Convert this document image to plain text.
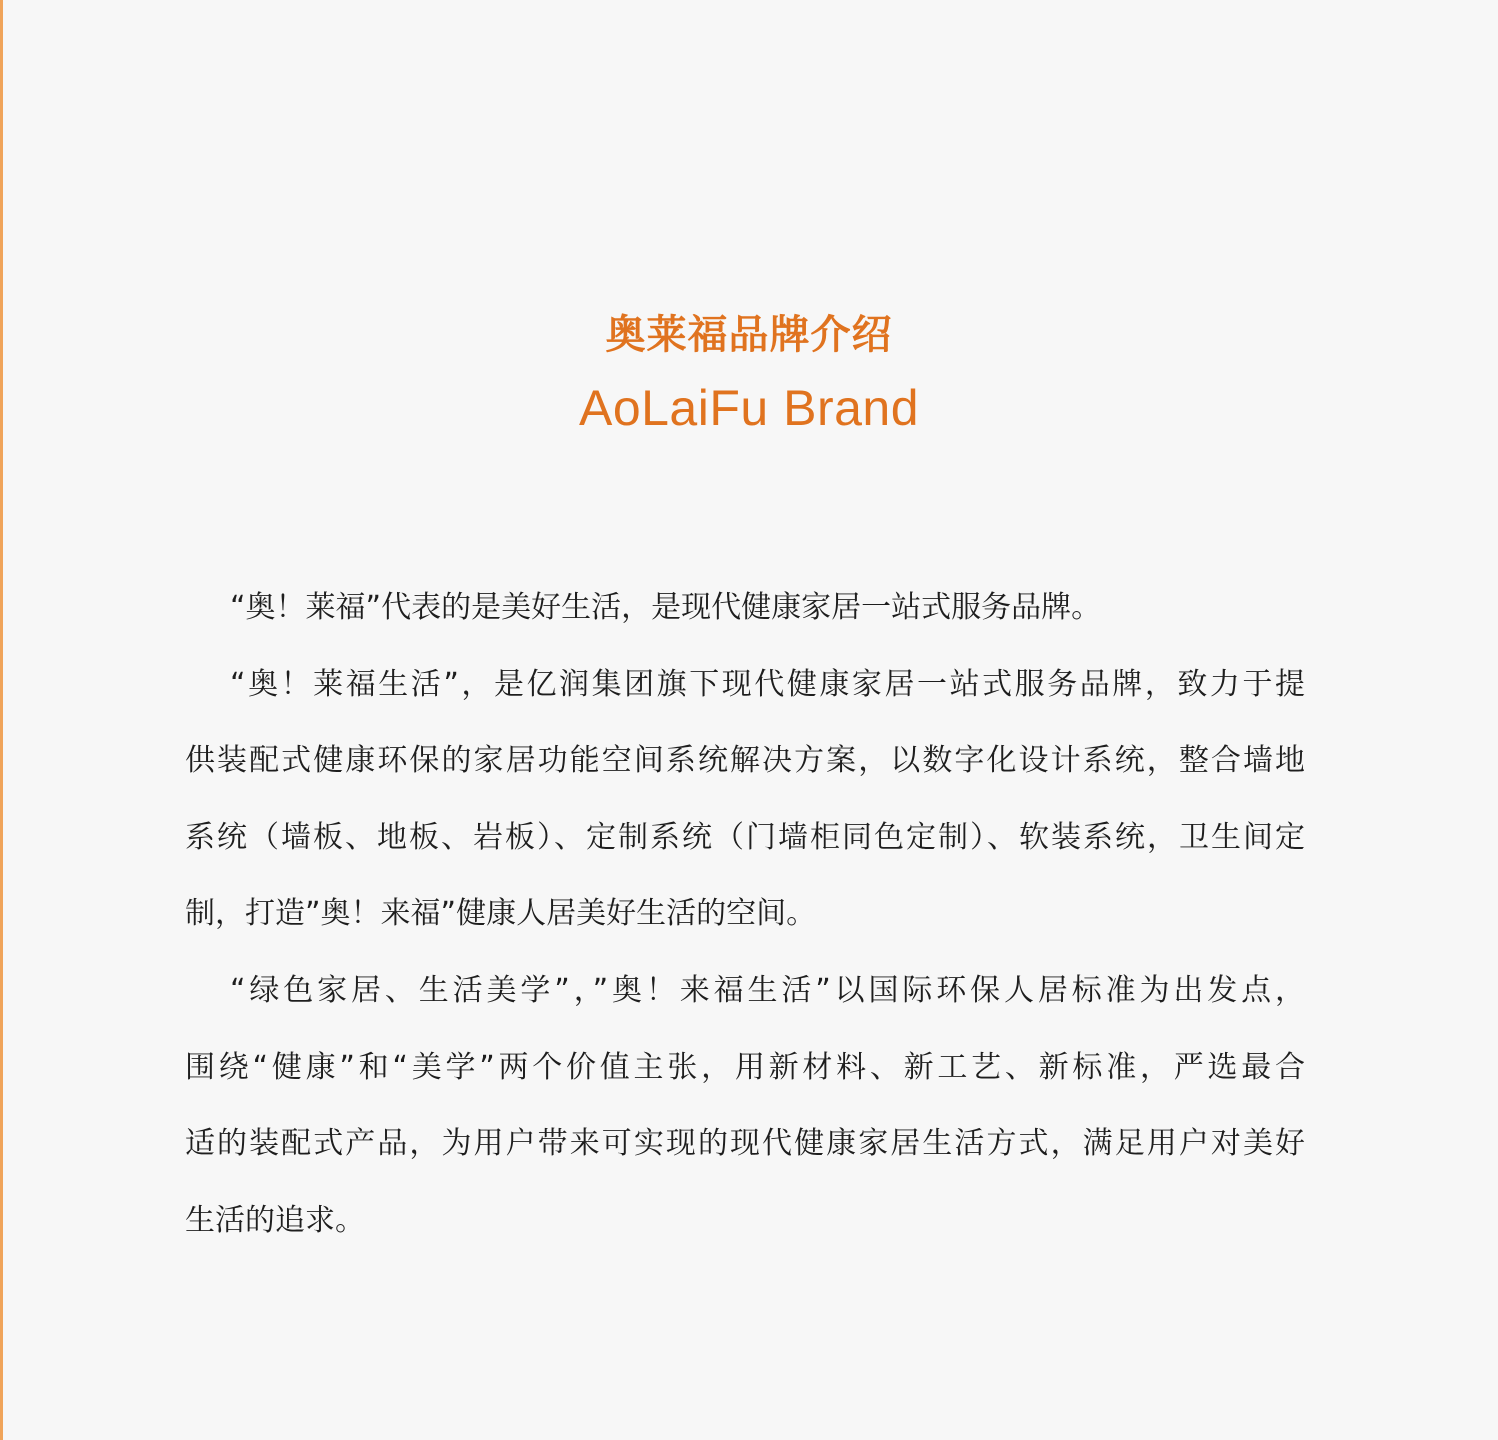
奥莱福品牌介绍
AoLaiFu Brand
“奥！莱福”代表的是美好生活，是现代健康家居一站式服务品牌。
“奥！莱福生活”，是亿润集团旗下现代健康家居一站式服务品牌，致力于提
供装配式健康环保的家居功能空间系统解决方案，以数字化设计系统，整合墙地
系统（墙板、地板、岩板）、定制系统（门墙柜同色定制）、软装系统，卫生间定
制，打造”奥！来福”健康人居美好生活的空间。
“绿色家居、生活美学”，”奥！来福生活”以国际环保人居标准为出发点，
围绕“健康”和“美学”两个价值主张，用新材料、新工艺、新标准，严选最合
适的装配式产品，为用户带来可实现的现代健康家居生活方式，满足用户对美好
生活的追求。
